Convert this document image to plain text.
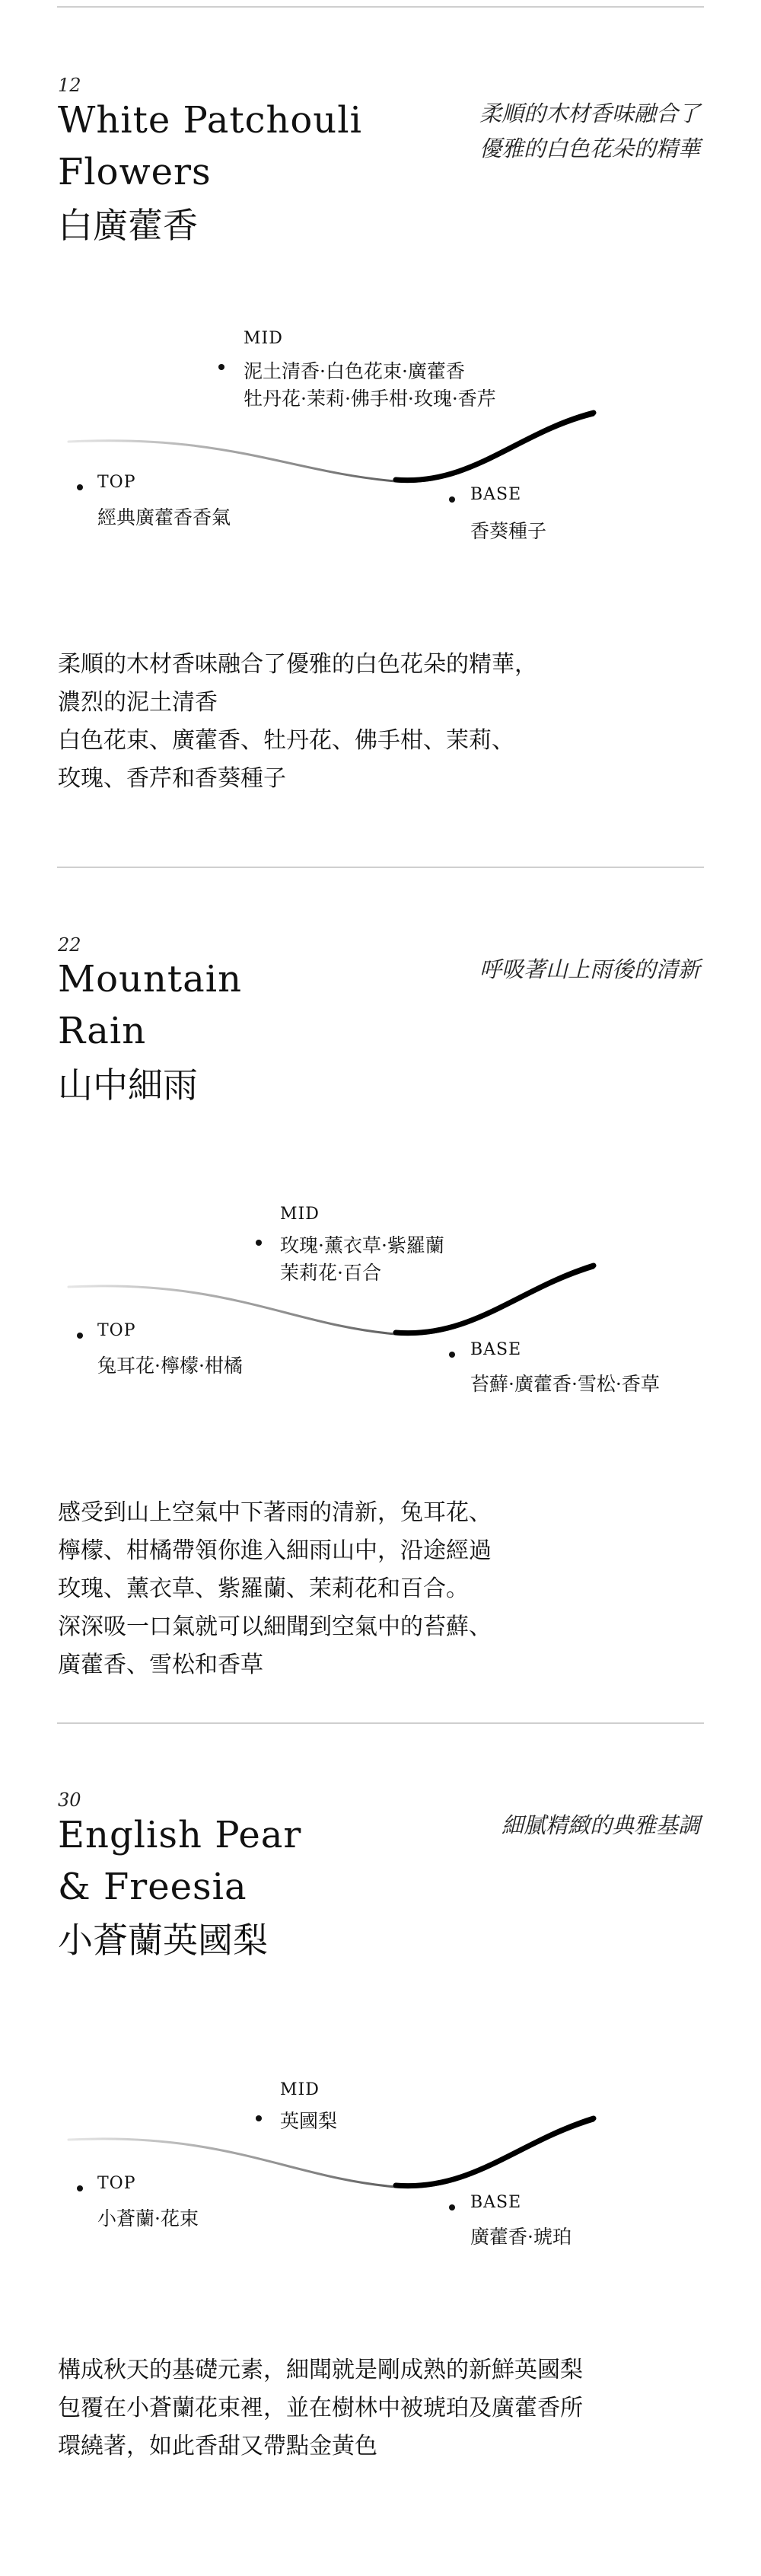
12
White Patchouli
Flowers
白廣藿香
柔順的木材香味融合了
優雅的白色花朵的精華
MID
泥土清香·白色花束·廣藿香
牡丹花·茉莉·佛手柑·玫瑰·香芹
TOP
經典廣藿香香氣
BASE
香葵種子
柔順的木材香味融合了優雅的白色花朵的精華，
濃烈的泥土清香
白色花束、廣藿香、牡丹花、佛手柑、茉莉、
玫瑰、香芹和香葵種子
22
Mountain
Rain
山中細雨
呼吸著山上雨後的清新
MID
玫瑰·薰衣草·紫羅蘭
茉莉花·百合
TOP
兔耳花·檸檬·柑橘
BASE
苔蘚·廣藿香·雪松·香草
感受到山上空氣中下著雨的清新，兔耳花、
檸檬、柑橘帶領你進入細雨山中，沿途經過
玫瑰、薰衣草、紫羅蘭、茉莉花和百合。
深深吸一口氣就可以細聞到空氣中的苔蘚、
廣藿香、雪松和香草
30
English Pear
& Freesia
小蒼蘭英國梨
細膩精緻的典雅基調
MID
英國梨
TOP
小蒼蘭·花束
BASE
廣藿香·琥珀
構成秋天的基礎元素，細聞就是剛成熟的新鮮英國梨
包覆在小蒼蘭花束裡，並在樹林中被琥珀及廣藿香所
環繞著，如此香甜又帶點金黃色
